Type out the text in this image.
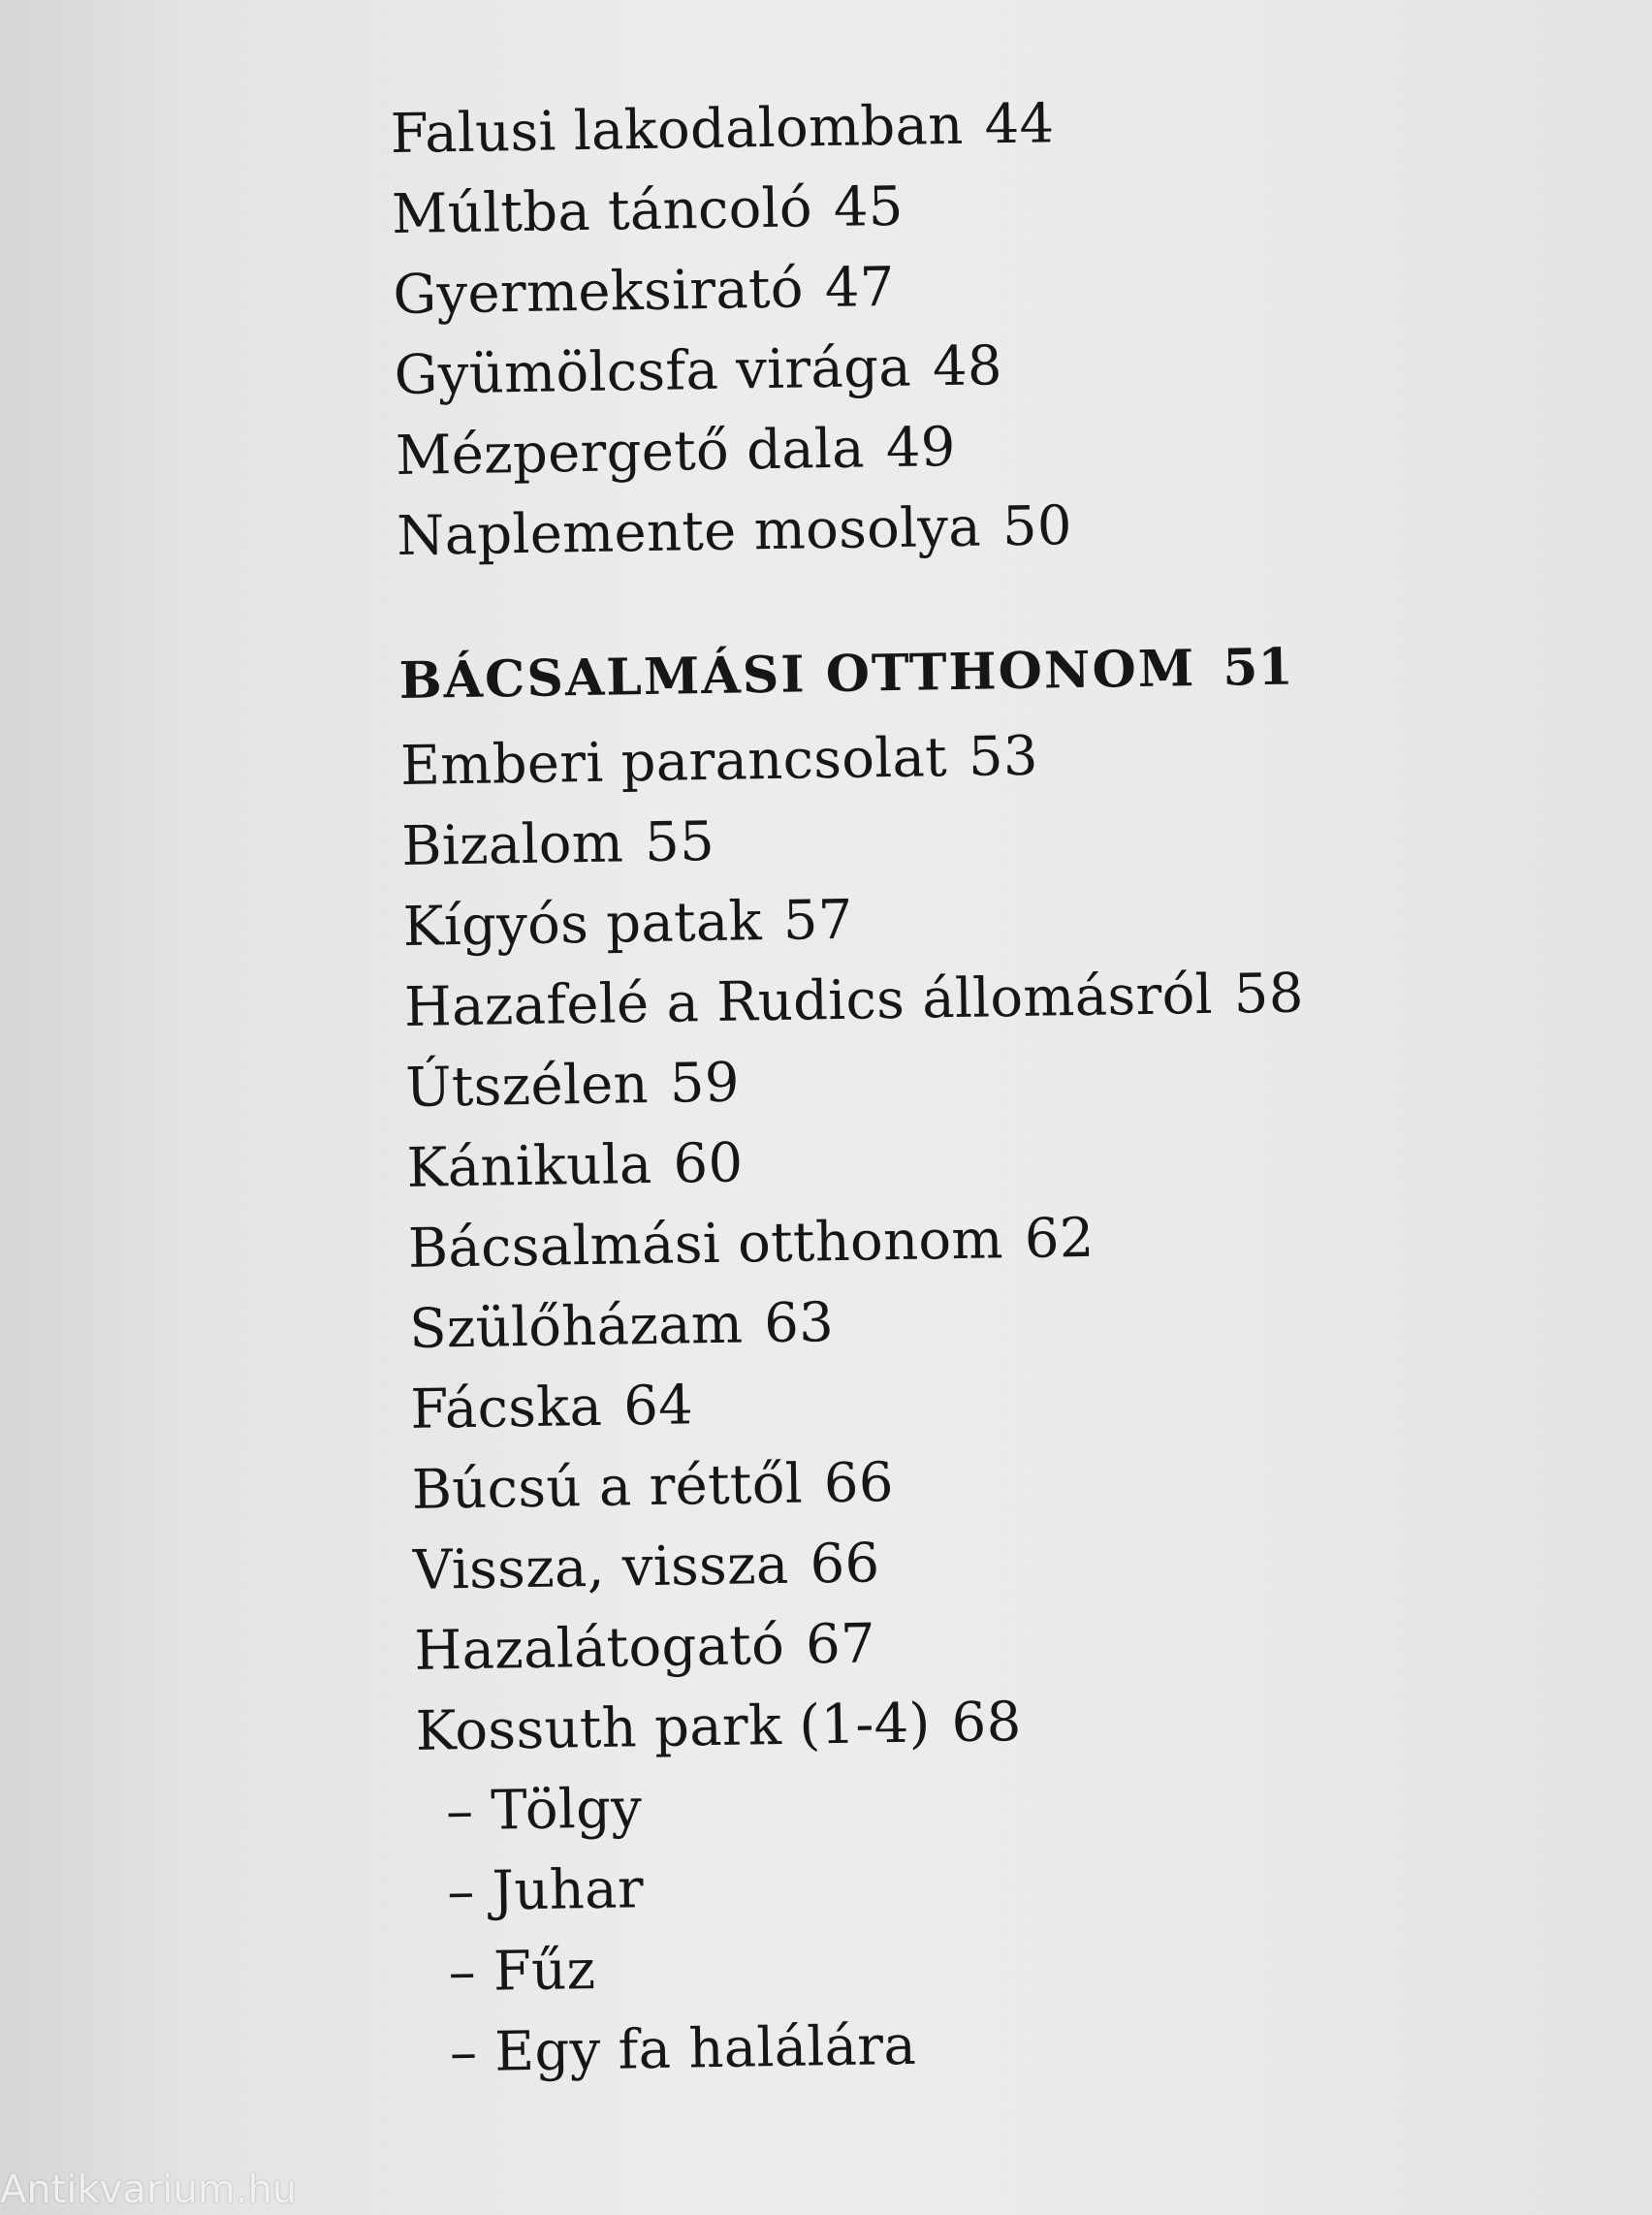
Falusi lakodalomban 44
Múltba táncoló 45
Gyermeksirató 47
Gyümölcsfa virága 48
Mézpergető dala 49
Naplemente mosolya 50
BÁCSALMÁSI OTTHONOM 51
Emberi parancsolat 53
Bizalom 55
Kígyós patak 57
Hazafelé a Rudics állomásról 58
Útszélen 59
Kánikula 60
Bácsalmási otthonom 62
Szülőházam 63
Fácska 64
Búcsú a réttől 66
Vissza, vissza 66
Hazalátogató 67
Kossuth park (1-4) 68
– Tölgy
– Juhar
– Fűz
– Egy fa halálára
Antikvarium.hu
